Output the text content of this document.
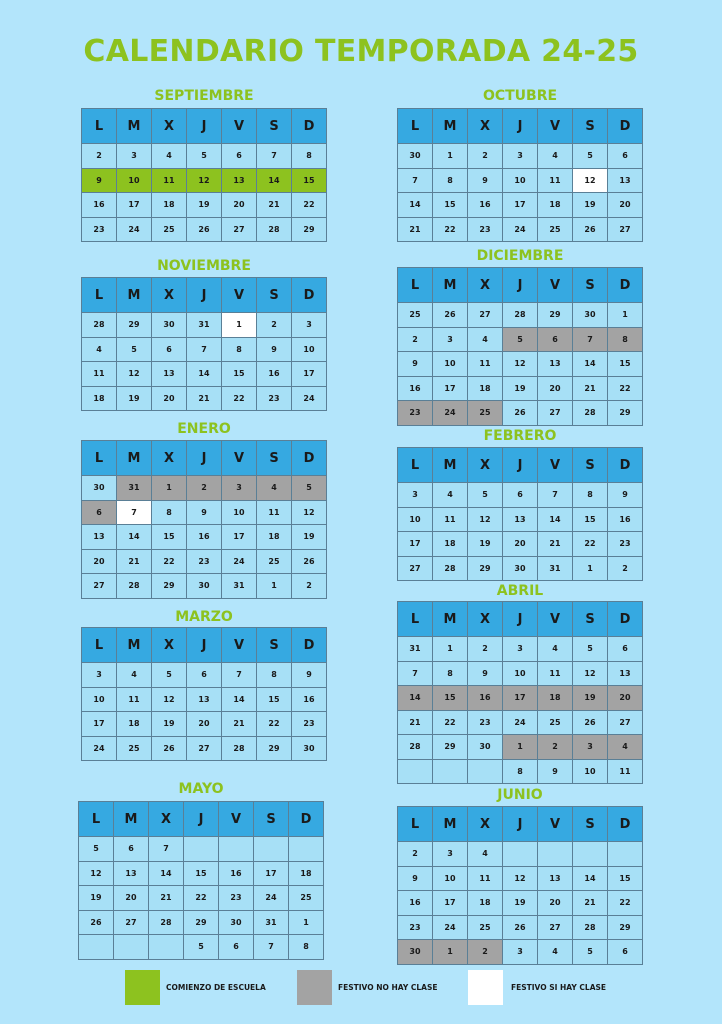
CALENDARIO TEMPORADA 24-25
SEPTIEMBRE
L	M	X	J	V	S	D
2	3	4	5	6	7	8
9	10	11	12	13	14	15
16	17	18	19	20	21	22
23	24	25	26	27	28	29
OCTUBRE
L	M	X	J	V	S	D
30	1	2	3	4	5	6
7	8	9	10	11	12	13
14	15	16	17	18	19	20
21	22	23	24	25	26	27
NOVIEMBRE
L	M	X	J	V	S	D
28	29	30	31	1	2	3
4	5	6	7	8	9	10
11	12	13	14	15	16	17
18	19	20	21	22	23	24
DICIEMBRE
L	M	X	J	V	S	D
25	26	27	28	29	30	1
2	3	4	5	6	7	8
9	10	11	12	13	14	15
16	17	18	19	20	21	22
23	24	25	26	27	28	29
ENERO
L	M	X	J	V	S	D
30	31	1	2	3	4	5
6	7	8	9	10	11	12
13	14	15	16	17	18	19
20	21	22	23	24	25	26
27	28	29	30	31	1	2
FEBRERO
L	M	X	J	V	S	D
3	4	5	6	7	8	9
10	11	12	13	14	15	16
17	18	19	20	21	22	23
27	28	29	30	31	1	2
MARZO
L	M	X	J	V	S	D
3	4	5	6	7	8	9
10	11	12	13	14	15	16
17	18	19	20	21	22	23
24	25	26	27	28	29	30
ABRIL
L	M	X	J	V	S	D
31	1	2	3	4	5	6
7	8	9	10	11	12	13
14	15	16	17	18	19	20
21	22	23	24	25	26	27
28	29	30	1	2	3	4
			8	9	10	11
MAYO
L	M	X	J	V	S	D
5	6	7				
12	13	14	15	16	17	18
19	20	21	22	23	24	25
26	27	28	29	30	31	1
			5	6	7	8
JUNIO
L	M	X	J	V	S	D
2	3	4				
9	10	11	12	13	14	15
16	17	18	19	20	21	22
23	24	25	26	27	28	29
30	1	2	3	4	5	6
COMIENZO DE ESCUELA	FESTIVO NO HAY CLASE	FESTIVO SI HAY CLASE
